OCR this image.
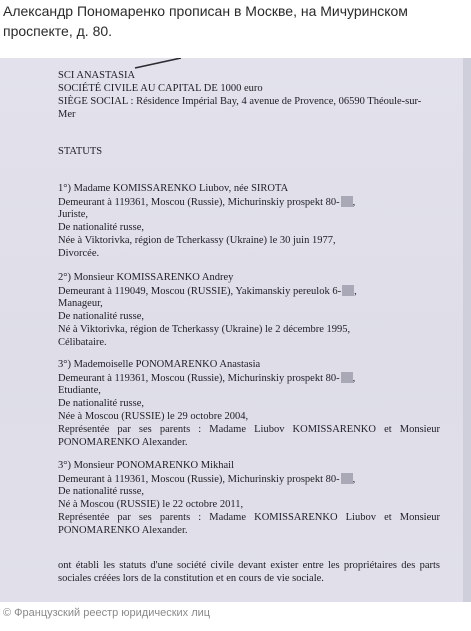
Александр Пономаренко прописан в Москве, на Мичуринском проспекте, д. 80.
SCI ANASTASIA
SOCIÉTÉ CIVILE AU CAPITAL DE 1000 euro
SIÈGE SOCIAL : Résidence Impérial Bay, 4 avenue de Provence, 06590 Théoule-sur-
Mer
STATUTS
1°) Madame KOMISSARENKO Liubov, née SIROTA
Demeurant à 119361, Moscou (Russie), Michurinskiy prospekt 80- ,
Juriste,
De nationalité russe,
Née à Viktorivka, région de Tcherkassy (Ukraine) le 30 juin 1977,
Divorcée.
2°) Monsieur KOMISSARENKO Andrey
Demeurant à 119049, Moscou (RUSSIE), Yakimanskiy pereulok 6- ,
Manageur,
De nationalité russe,
Né à Viktorivka, région de Tcherkassy (Ukraine) le 2 décembre 1995,
Célibataire.
3°) Mademoiselle PONOMARENKO Anastasia
Demeurant à 119361, Moscou (Russie), Michurinskiy prospekt 80- ,
Etudiante,
De nationalité russe,
Née à Moscou (RUSSIE) le 29 octobre 2004,
Représentée par ses parents : Madame Liubov KOMISSARENKO et Monsieur
PONOMARENKO Alexander.
3°) Monsieur PONOMARENKO Mikhail
Demeurant à 119361, Moscou (Russie), Michurinskiy prospekt 80- ,
De nationalité russe,
Né à Moscou (RUSSIE) le 22 octobre 2011,
Représentée par ses parents : Madame KOMISSARENKO Liubov et Monsieur
PONOMARENKO Alexander.
ont établi les statuts d'une société civile devant exister entre les propriétaires des parts
sociales créées lors de la constitution et en cours de vie sociale.
© Французский реестр юридических лиц
